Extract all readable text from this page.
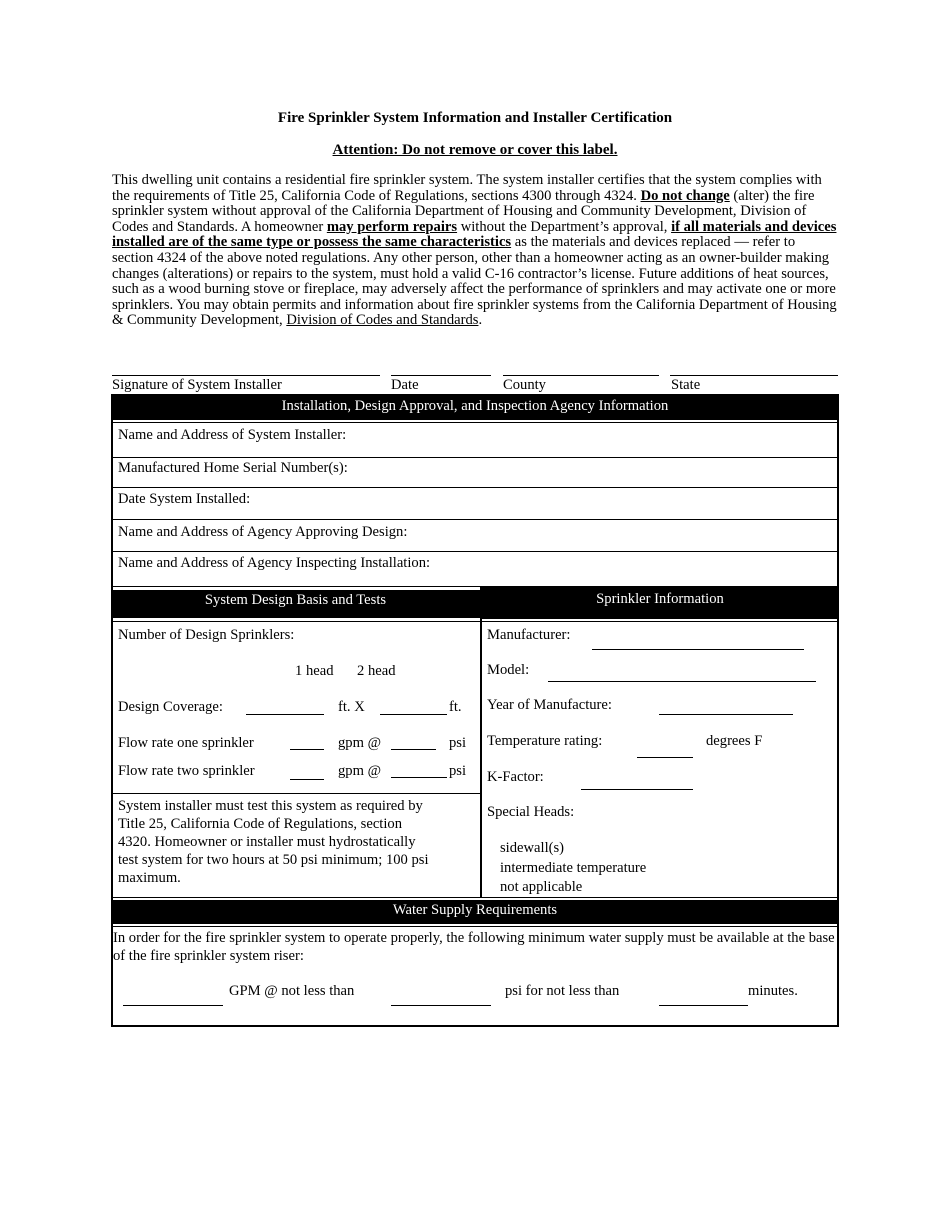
Fire Sprinkler System Information and Installer Certification
Attention: Do not remove or cover this label.
This dwelling unit contains a residential fire sprinkler system. The system installer certifies that the system complies with the requirements of Title 25, California Code of Regulations, sections 4300 through 4324. Do not change (alter) the fire sprinkler system without approval of the California Department of Housing and Community Development, Division of Codes and Standards. A homeowner may perform repairs without the Department’s approval, if all materials and devices installed are of the same type or possess the same characteristics as the materials and devices replaced — refer to section 4324 of the above noted regulations. Any other person, other than a homeowner acting as an owner-builder making changes (alterations) or repairs to the system, must hold a valid C-16 contractor’s license. Future additions of heat sources, such as a wood burning stove or fireplace, may adversely affect the performance of sprinklers and may activate one or more sprinklers. You may obtain permits and information about fire sprinkler systems from the California Department of Housing & Community Development, Division of Codes and Standards.
Signature of System Installer	Date	County	State
Installation, Design Approval, and Inspection Agency Information
Name and Address of System Installer:
Manufactured Home Serial Number(s):
Date System Installed:
Name and Address of Agency Approving Design:
Name and Address of Agency Inspecting Installation:
System Design Basis and Tests	Sprinkler Information
Number of Design Sprinklers:
1 head 2 head
Design Coverage:	ft. X	ft.
Flow rate one sprinkler	gpm @	psi
Flow rate two sprinkler	gpm @	psi
System installer must test this system as required by Title 25, California Code of Regulations, section 4320. Homeowner or installer must hydrostatically test system for two hours at 50 psi minimum; 100 psi maximum.
Manufacturer:
Model:
Year of Manufacture:
Temperature rating:	degrees F
K-Factor:
Special Heads:
sidewall(s)
intermediate temperature
not applicable
Water Supply Requirements
In order for the fire sprinkler system to operate properly, the following minimum water supply must be available at the base of the fire sprinkler system riser:
GPM @ not less than	psi for not less than	minutes.
